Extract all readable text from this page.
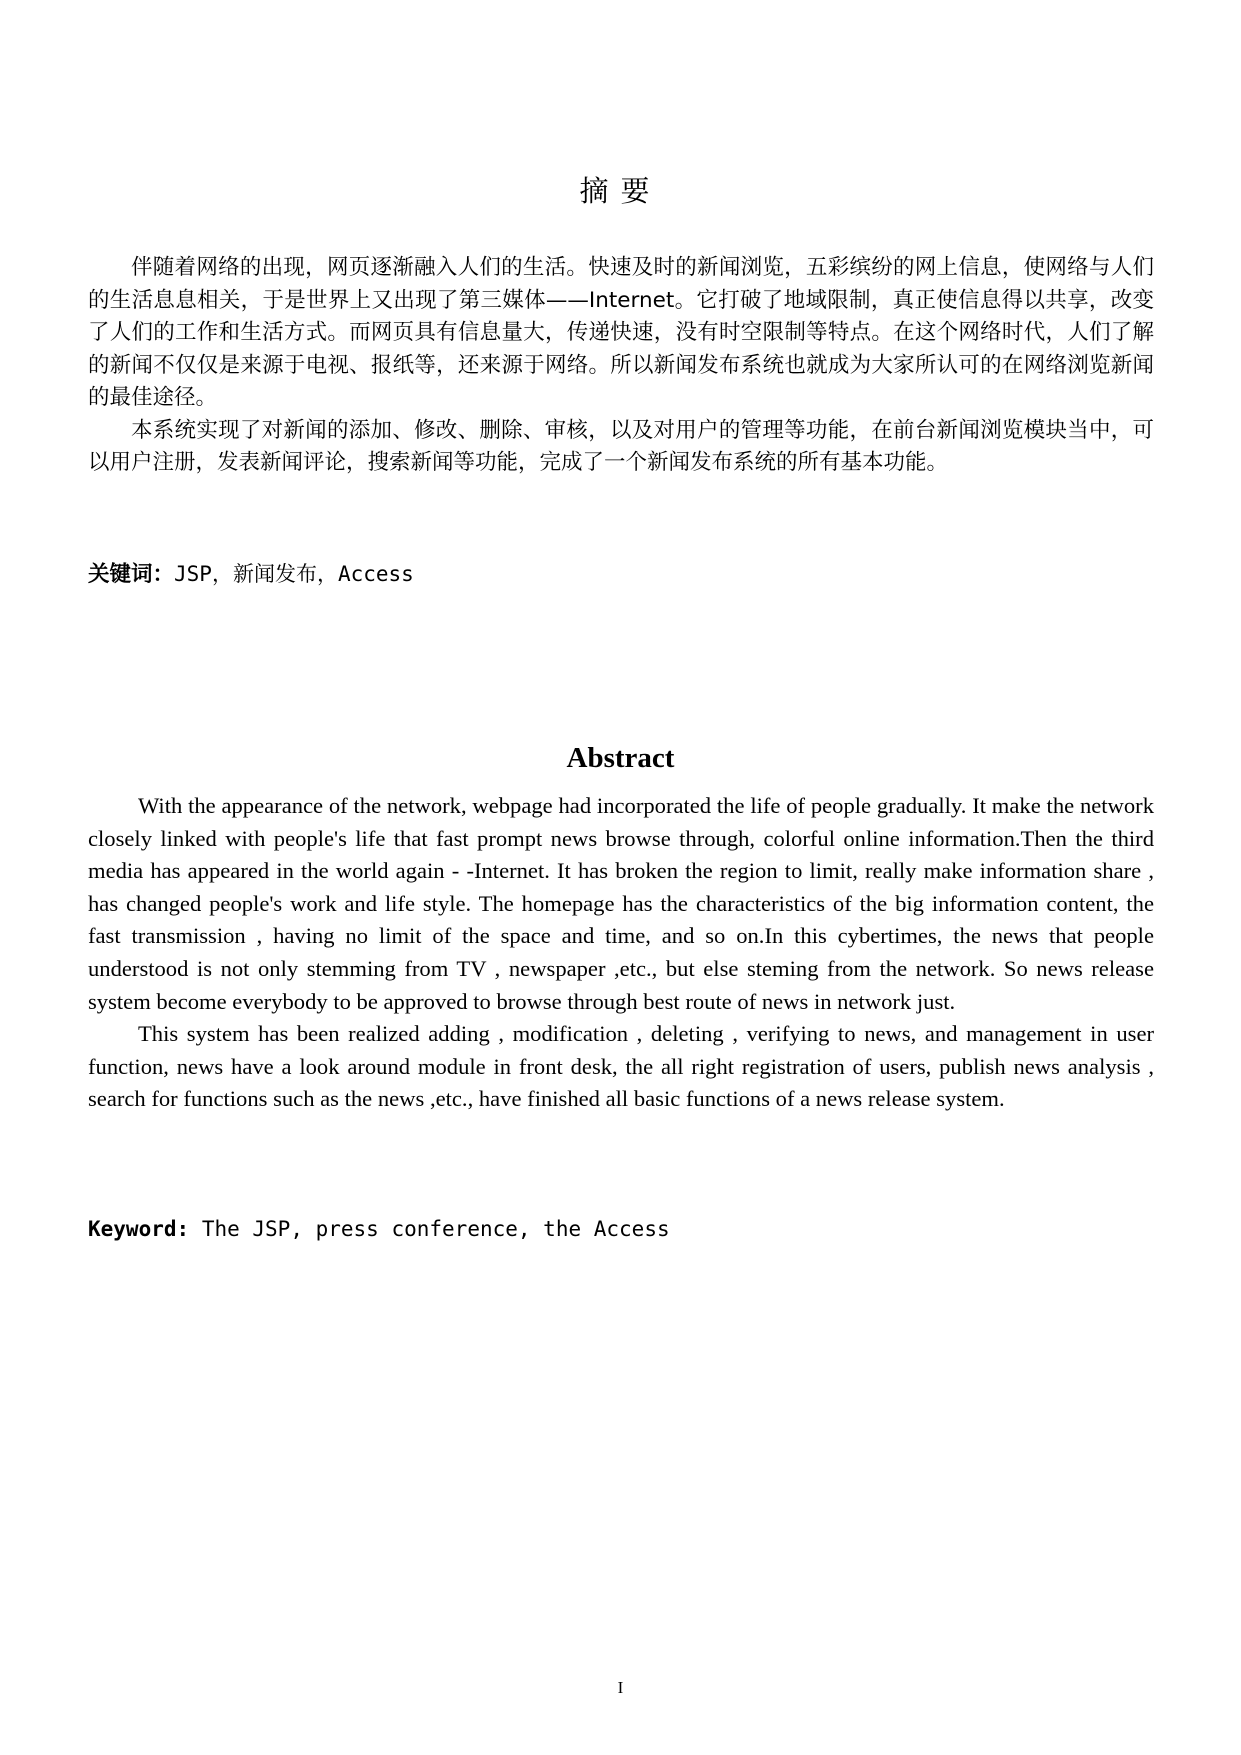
摘要

伴随着网络的出现，网页逐渐融入人们的生活。快速及时的新闻浏览，五彩缤纷的网上信息，使网络与人们的生活息息相关，于是世界上又出现了第三媒体——Internet。它打破了地域限制，真正使信息得以共享，改变了人们的工作和生活方式。而网页具有信息量大，传递快速，没有时空限制等特点。在这个网络时代，人们了解的新闻不仅仅是来源于电视、报纸等，还来源于网络。所以新闻发布系统也就成为大家所认可的在网络浏览新闻的最佳途径。

本系统实现了对新闻的添加、修改、删除、审核，以及对用户的管理等功能，在前台新闻浏览模块当中，可以用户注册，发表新闻评论，搜索新闻等功能，完成了一个新闻发布系统的所有基本功能。

关键词：JSP，新闻发布，Access
Abstract

With the appearance of the network, webpage had incorporated the life of people gradually. It make the network closely linked with people's life that fast prompt news browse through, colorful online information.Then the third media has appeared in the world again - -Internet. It has broken the region to limit, really make information share , has changed people's work and life style. The homepage has the characteristics of the big information content, the fast transmission , having no limit of the space and time, and so on.In this cybertimes, the news that people understood is not only stemming from TV , newspaper ,etc., but else steming from the network. So news release system become everybody to be approved to browse through best route of news in network just.

This system has been realized adding , modification , deleting , verifying to news, and management in user function, news have a look around module in front desk, the all right registration of users, publish news analysis , search for functions such as the news ,etc., have finished all basic functions of a news release system.

Keyword: The JSP, press conference, the Access
I
